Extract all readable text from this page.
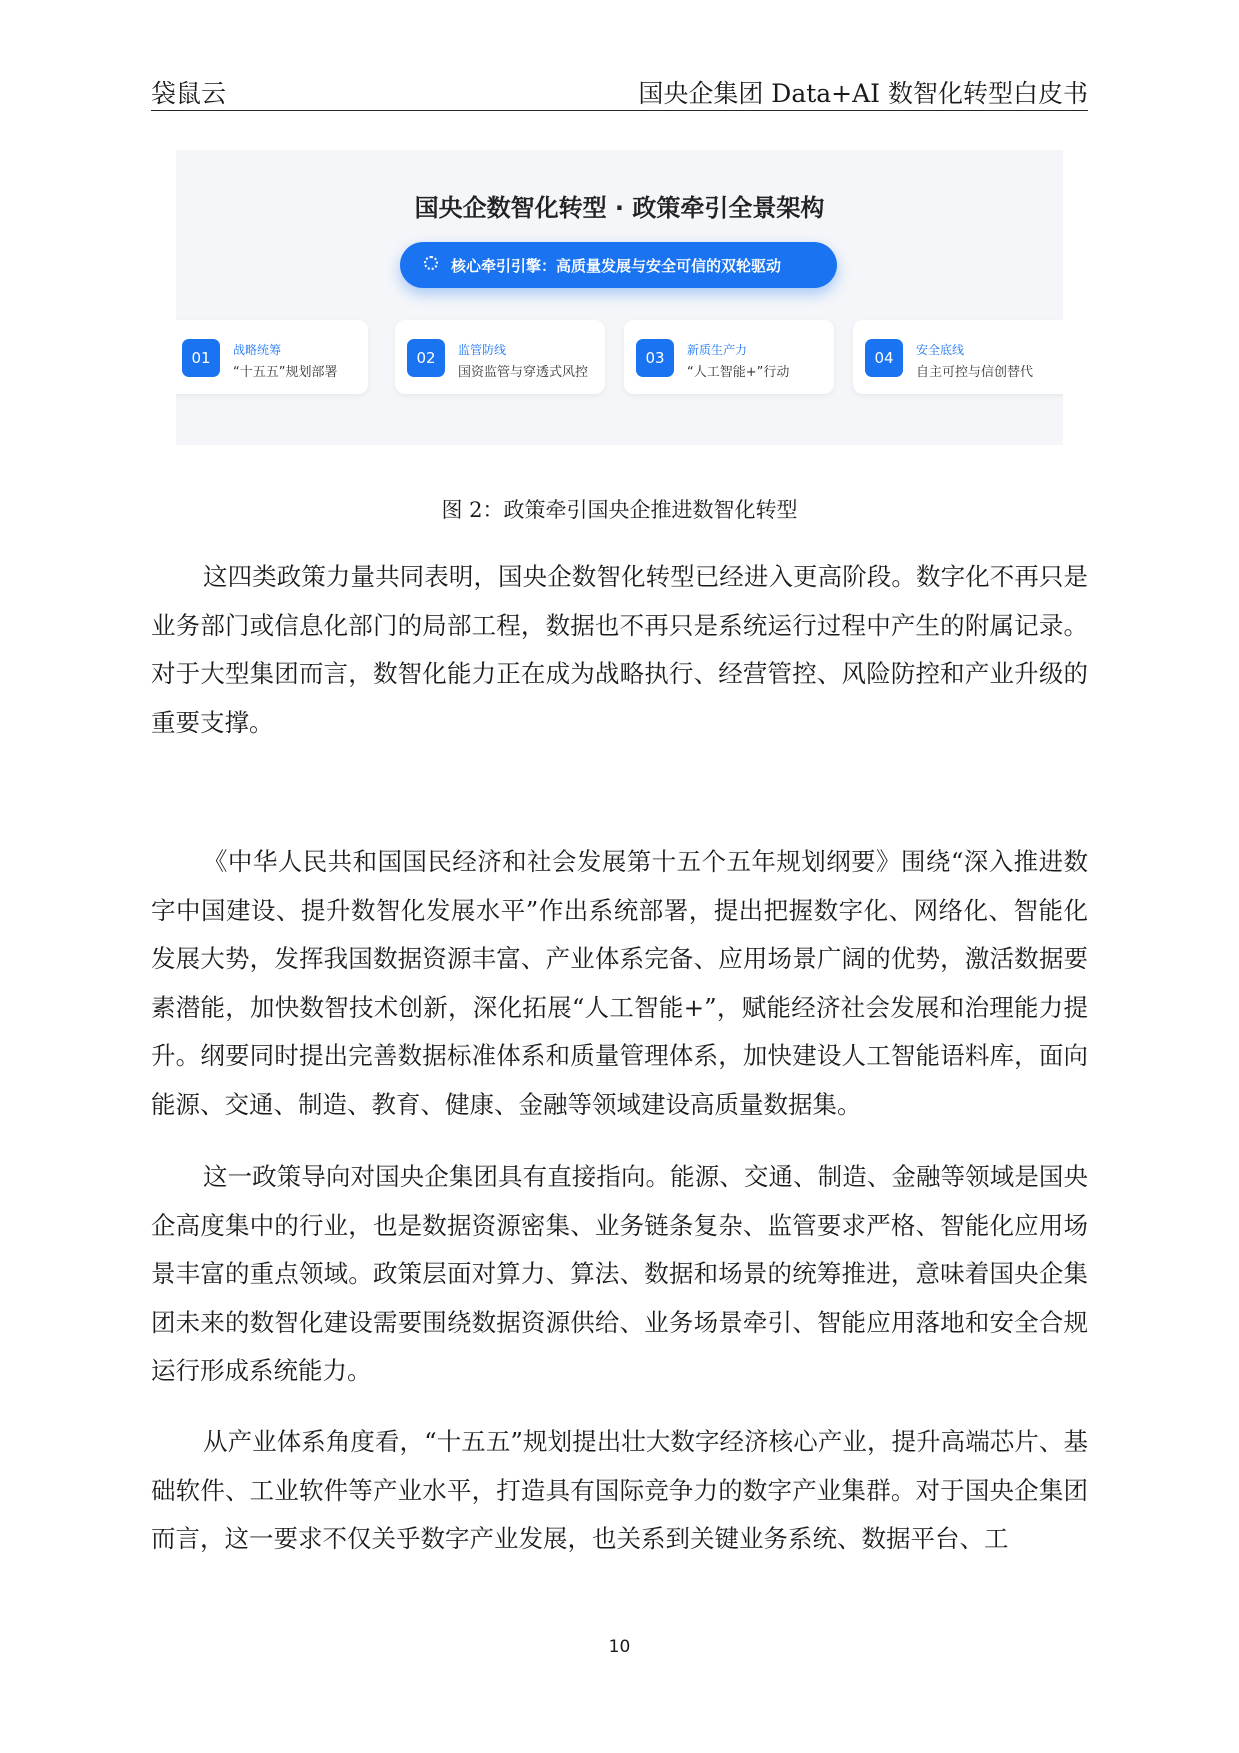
袋鼠云	国央企集团 Data+AI 数智化转型白皮书
国央企数智化转型 · 政策牵引全景架构
核心牵引引擎：高质量发展与安全可信的双轮驱动
01	战略统筹
“十五五”规划部署
02	监管防线
国资监管与穿透式风控
03	新质生产力
“人工智能+”行动
04	安全底线
自主可控与信创替代
图 2：政策牵引国央企推进数智化转型

这四类政策力量共同表明，国央企数智化转型已经进入更高阶段。数字化不再只是业务部门或信息化部门的局部工程，数据也不再只是系统运行过程中产生的附属记录。对于大型集团而言，数智化能力正在成为战略执行、经营管控、风险防控和产业升级的重要支撑。

《中华人民共和国国民经济和社会发展第十五个五年规划纲要》围绕“深入推进数字中国建设、提升数智化发展水平”作出系统部署，提出把握数字化、网络化、智能化发展大势，发挥我国数据资源丰富、产业体系完备、应用场景广阔的优势，激活数据要素潜能，加快数智技术创新，深化拓展“人工智能+”，赋能经济社会发展和治理能力提升。纲要同时提出完善数据标准体系和质量管理体系，加快建设人工智能语料库，面向能源、交通、制造、教育、健康、金融等领域建设高质量数据集。

这一政策导向对国央企集团具有直接指向。能源、交通、制造、金融等领域是国央企高度集中的行业，也是数据资源密集、业务链条复杂、监管要求严格、智能化应用场景丰富的重点领域。政策层面对算力、算法、数据和场景的统筹推进，意味着国央企集团未来的数智化建设需要围绕数据资源供给、业务场景牵引、智能应用落地和安全合规运行形成系统能力。

从产业体系角度看，“十五五”规划提出壮大数字经济核心产业，提升高端芯片、基础软件、工业软件等产业水平，打造具有国际竞争力的数字产业集群。对于国央企集团而言，这一要求不仅关乎数字产业发展，也关系到关键业务系统、数据平台、工

10
